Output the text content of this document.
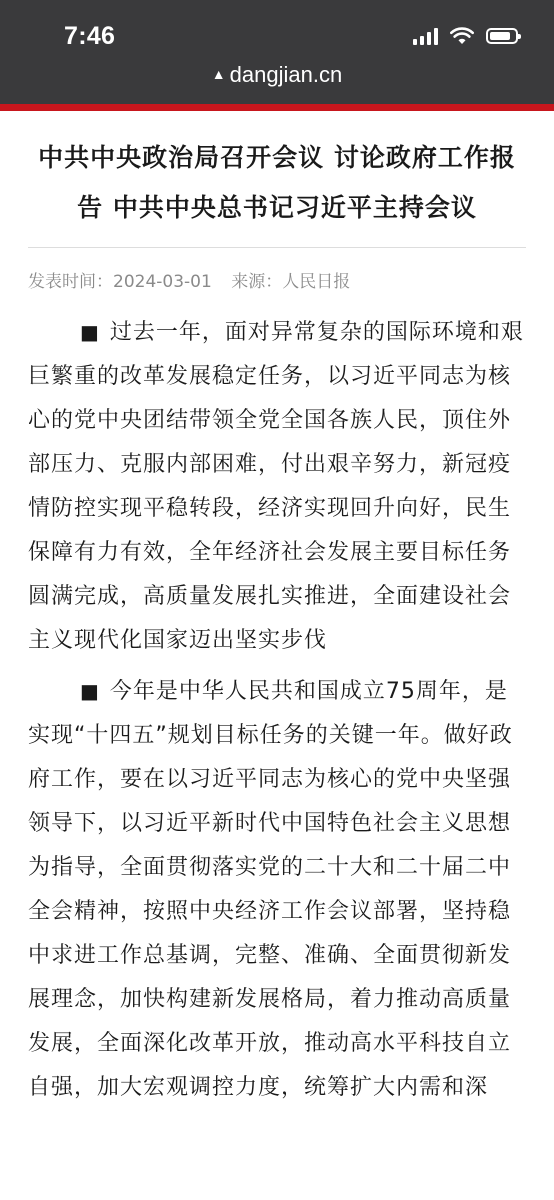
7:46
▲ dangjian.cn
中共中央政治局召开会议 讨论政府工作报告 中共中央总书记习近平主持会议
发表时间：2024-03-01 来源：人民日报

■ 过去一年，面对异常复杂的国际环境和艰巨繁重的改革发展稳定任务，以习近平同志为核心的党中央团结带领全党全国各族人民，顶住外部压力、克服内部困难，付出艰辛努力，新冠疫情防控实现平稳转段，经济实现回升向好，民生保障有力有效，全年经济社会发展主要目标任务圆满完成，高质量发展扎实推进，全面建设社会主义现代化国家迈出坚实步伐

■ 今年是中华人民共和国成立75周年，是实现“十四五”规划目标任务的关键一年。做好政府工作，要在以习近平同志为核心的党中央坚强领导下，以习近平新时代中国特色社会主义思想为指导，全面贯彻落实党的二十大和二十届二中全会精神，按照中央经济工作会议部署，坚持稳中求进工作总基调，完整、准确、全面贯彻新发展理念，加快构建新发展格局，着力推动高质量发展，全面深化改革开放，推动高水平科技自立自强，加大宏观调控力度，统筹扩大内需和深
